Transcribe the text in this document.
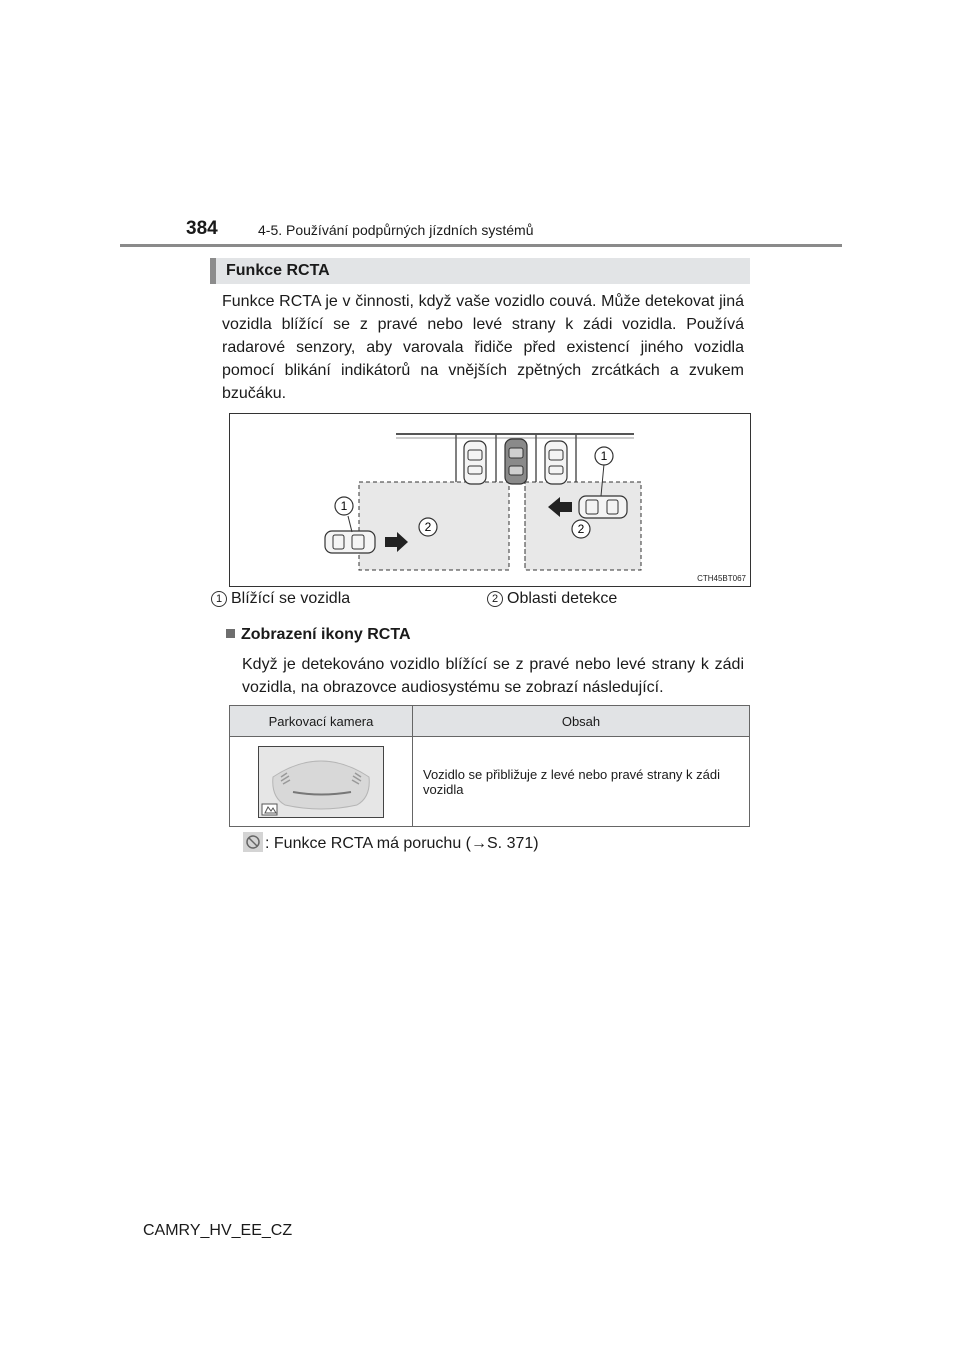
384	4-5. Používání podpůrných jízdních systémů
Funkce RCTA
Funkce RCTA je v činnosti, když vaše vozidlo couvá. Může detekovat jiná vozidla blížící se z pravé nebo levé strany k zádi vozidla. Používá radarové senzory, aby varovala řidiče před existencí jiného vozidla pomocí blikání indikátorů na vnějších zpětných zrcátkách a zvukem bzučáku.
1
1
2	2
CTH45BT067
1 Blížící se vozidla	2 Oblasti detekce
Zobrazení ikony RCTA
Když je detekováno vozidlo blížící se z pravé nebo levé strany k zádi vozidla, na obrazovce audiosystému se zobrazí následující.
Parkovací kamera	Obsah

	Vozidlo se přibližuje z levé nebo pravé strany k zádi vozidla
: Funkce RCTA má poruchu (→S. 371)
CAMRY_HV_EE_CZ
